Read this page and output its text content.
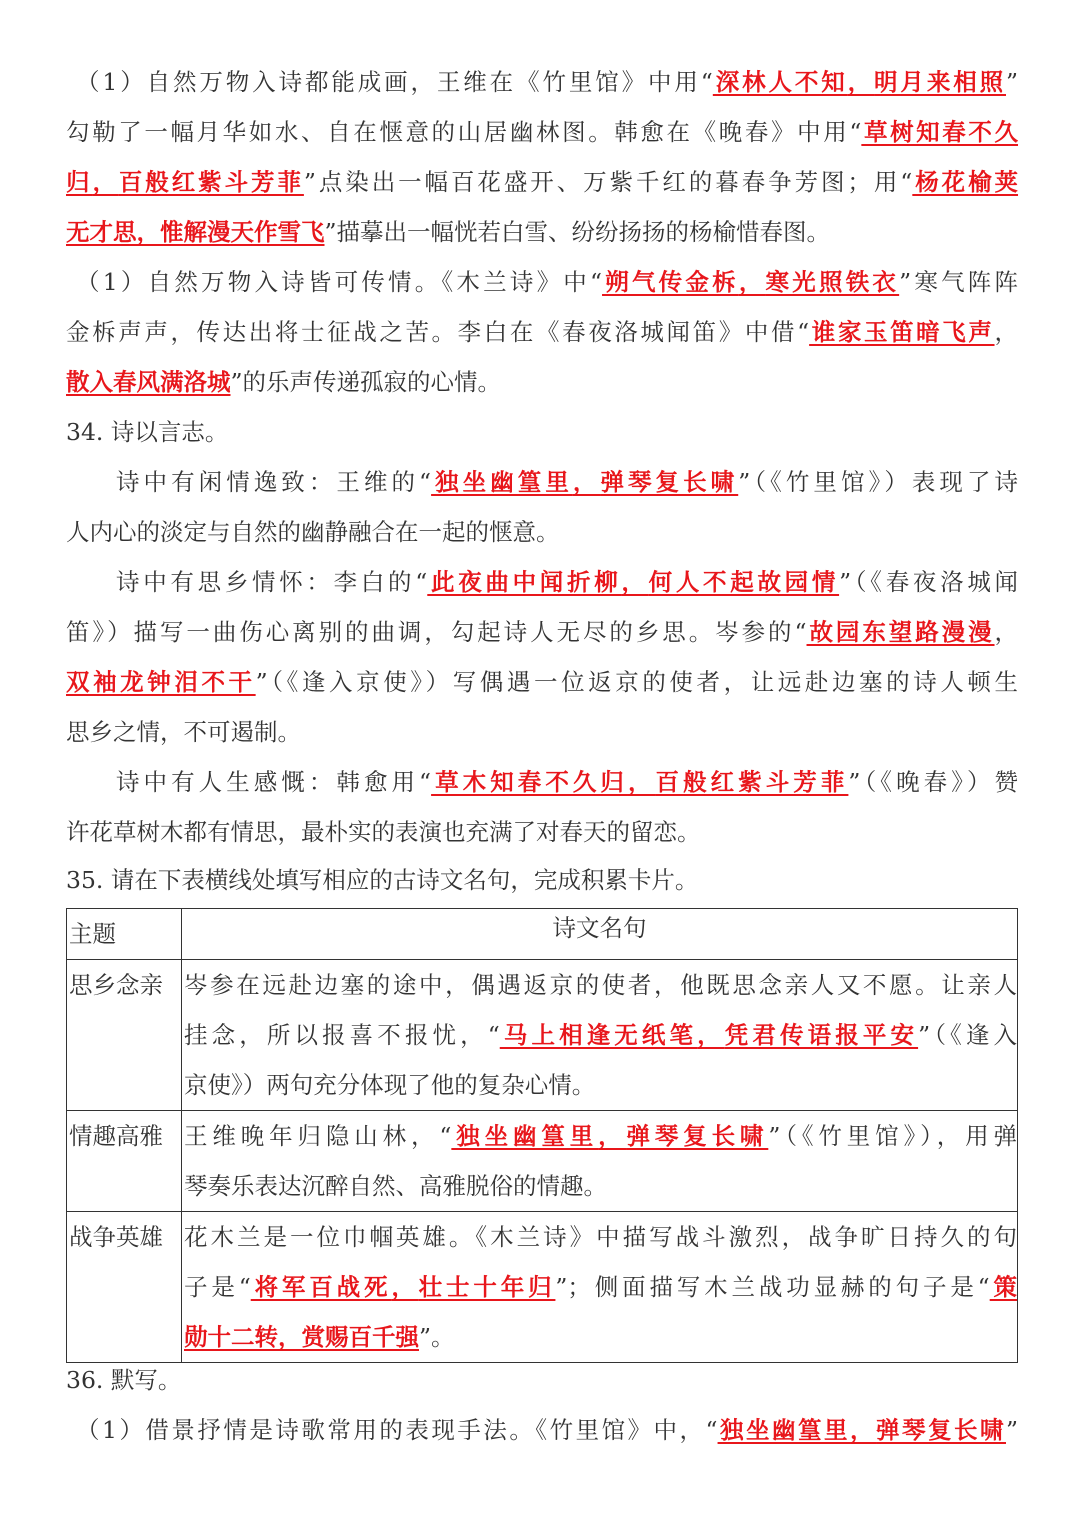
（1）自然万物入诗都能成画，王维在《竹里馆》中用“深林人不知，明月来相照”
勾勒了一幅月华如水、自在惬意的山居幽林图。韩愈在《晚春》中用“草树知春不久
归，百般红紫斗芳菲”点染出一幅百花盛开、万紫千红的暮春争芳图；用“杨花榆荚
无才思，惟解漫天作雪飞”描摹出一幅恍若白雪、纷纷扬扬的杨榆惜春图。
（1）自然万物入诗皆可传情。《木兰诗》中“朔气传金柝，寒光照铁衣”寒气阵阵
金柝声声，传达出将士征战之苦。李白在《春夜洛城闻笛》中借“谁家玉笛暗飞声，
散入春风满洛城”的乐声传递孤寂的心情。
34. 诗以言志。
诗中有闲情逸致：王维的“独坐幽篁里，弹琴复长啸”（《竹里馆》）表现了诗
人内心的淡定与自然的幽静融合在一起的惬意。
诗中有思乡情怀：李白的“此夜曲中闻折柳，何人不起故园情”（《春夜洛城闻
笛》）描写一曲伤心离别的曲调，勾起诗人无尽的乡思。岑参的“故园东望路漫漫，
双袖龙钟泪不干”（《逢入京使》）写偶遇一位返京的使者，让远赴边塞的诗人顿生
思乡之情，不可遏制。
诗中有人生感慨：韩愈用“草木知春不久归，百般红紫斗芳菲”（《晚春》）赞
许花草树木都有情思，最朴实的表演也充满了对春天的留恋。
35. 请在下表横线处填写相应的古诗文名句，完成积累卡片。
主题	诗文名句
思乡念亲	岑参在远赴边塞的途中，偶遇返京的使者，他既思念亲人又不愿。让亲人
挂念，所以报喜不报忧，“马上相逢无纸笔，凭君传语报平安”（《逢入
京使》）两句充分体现了他的复杂心情。

情趣高雅	王维晚年归隐山林，“独坐幽篁里，弹琴复长啸”（《竹里馆》），用弹
琴奏乐表达沉醉自然、高雅脱俗的情趣。

战争英雄	花木兰是一位巾帼英雄。《木兰诗》中描写战斗激烈，战争旷日持久的句
子是“将军百战死，壮士十年归”；侧面描写木兰战功显赫的句子是“策
勋十二转，赏赐百千强”。
36. 默写。
（1）借景抒情是诗歌常用的表现手法。《竹里馆》中，“独坐幽篁里，弹琴复长啸”
